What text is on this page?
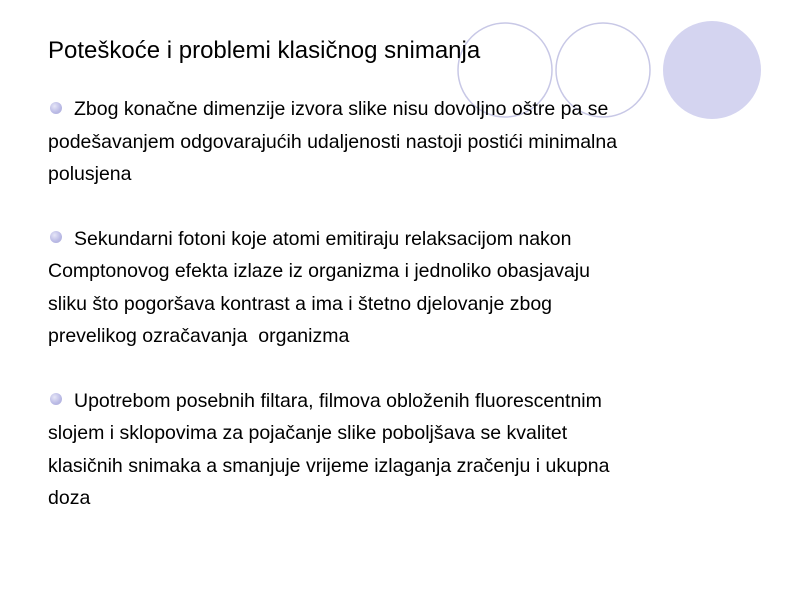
Poteškoće i problemi klasičnog snimanja
Zbog konačne dimenzije izvora slike nisu dovoljno oštre pa se
podešavanjem odgovarajućih udaljenosti nastoji postići minimalna
polusjena
Sekundarni fotoni koje atomi emitiraju relaksacijom nakon
Comptonovog efekta izlaze iz organizma i jednoliko obasjavaju
sliku što pogoršava kontrast a ima i štetno djelovanje zbog
prevelikog ozračavanja  organizma
Upotrebom posebnih filtara, filmova obloženih fluorescentnim
slojem i sklopovima za pojačanje slike poboljšava se kvalitet
klasičnih snimaka a smanjuje vrijeme izlaganja zračenju i ukupna
doza
